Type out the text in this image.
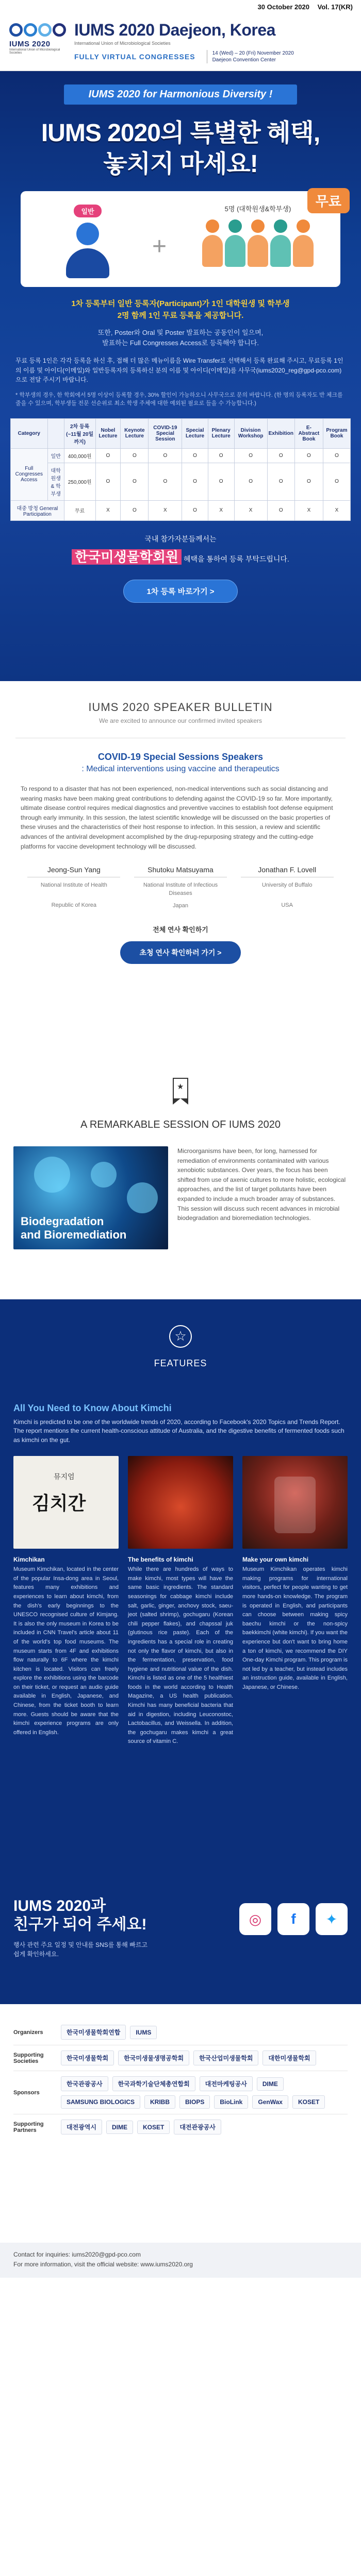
30 October 2020 Vol. 17(KR)
IUMS 2020
International Union of Microbiological Societies
IUMS 2020 Daejeon, Korea
International Union of Microbiological Societies
FULLY VIRTUAL CONGRESSES	14 (Wed) – 20 (Fri) November 2020
Daejeon Convention Center
IUMS 2020 for Harmonious Diversity !
IUMS 2020의 특별한 혜택,
놓치지 마세요!
일반
+
5명 (대학원생&학부생)	무료
1차 등록부터 일반 등록자(Participant)가 1인 대학원생 및 학부생
2명 함께 1인 무료 등록을 제공합니다.
또한, Poster와 Oral 및 Poster 발표하는 공동인이 일으며,
발표하는 Full Congresses Access로 등록해야 합니다.
무료 등록 1인은 각각 등록을 하신 후, 접해 더 많은 메뉴이름을 Wire Transfer로 선택해서 등록 완료해 주시고, 무료등록 1인의 이름 및 아이디(이메일)와 일반등록자의 등록하신 분의 이름 및 아이디(이메일)를 사무국(iums2020_reg@gpd-pco.com)으로 전달 주시기 바랍니다.
* 학부생의 경우, 한 학회에서 5명 이상이 등록할 경우, 30% 할인이 가능하오니 사무국으로 문의 바랍니다. (한 명의 등록자도 반 체크를 줄을 수 있으며, 학부생들 전문 선순위로 최소 학생 주체에 대한 예외된 필요로 들을 수 가능합니다.)
Category		2차 등록 (~11월 20일까지)	Nobel Lecture	Keynote Lecture	COVID-19 Special Session	Special Lecture	Plenary Lecture	Division Workshop	Exhibition	E-Abstract Book	Program Book
Full Congresses Access	일반	400,000원	O	O	O	O	O	O	O	O	O
	대학원생 & 학부생	250,000원	O	O	O	O	O	O	O	O	O
대중 방청 General Participation		무료	X	O	X	O	X	X	O	X	X
국내 참가자분들께서는
한국미생물학회원 혜택을 통하여 등록 부탁드립니다.
1차 등록 바로가기 >
IUMS 2020 SPEAKER BULLETIN
We are excited to announce our confirmed invited speakers
COVID-19 Special Sessions Speakers
: Medical interventions using vaccine and therapeutics
To respond to a disaster that has not been experienced, non-medical interventions such as social distancing and wearing masks have been making great contributions to defending against the COVID-19 so far. More importantly, ultimate disease control requires medical diagnostics and preventive vaccines to establish foot defense equipment through early immunity. In this session, the latest scientific knowledge will be discussed on the basic properties of these viruses and the characteristics of their host response to infection. In this session, a review and scientific advances of the antiviral development accomplished by the drug-repurposing strategy and the cutting-edge platforms for vaccine development technology will be discussed.
Jeong-Sun Yang
National Institute of Health
Republic of Korea
Shutoku Matsuyama
National Institute of Infectious Diseases
Japan
Jonathan F. Lovell
University of Buffalo
USA
전체 연사 확인하기
초청 연사 확인하러 가기 >
★
A REMARKABLE SESSION OF IUMS 2020
Biodegradation
and Bioremediation
Microorganisms have been, for long, harnessed for remediation of environments contaminated with various xenobiotic substances. Over years, the focus has been shifted from use of axenic cultures to more holistic, ecological approaches, and the list of target pollutants have been expanded to include a much broader array of substances. This session will discuss such recent advances in microbial biodegradation and bioremediation technologies.
☆
FEATURES
All You Need to Know About Kimchi
Kimchi is predicted to be one of the worldwide trends of 2020, according to Facebook's 2020 Topics and Trends Report. The report mentions the current health-conscious attitude of Australia, and the digestive benefits of fermented foods such as kimchi on the gut.
뮤지엄
김치간
Kimchikan
Museum Kimchikan, located in the center of the popular Insa-dong area in Seoul, features many exhibitions and experiences to learn about kimchi, from the dish's early beginnings to the UNESCO recognised culture of Kimjang. It is also the only museum in Korea to be included in CNN Travel's article about 11 of the world's top food museums. The museum starts from 4F and exhibitions flow naturally to 6F where the kimchi kitchen is located. Visitors can freely explore the exhibitions using the barcode on their ticket, or request an audio guide available in English, Japanese, and Chinese, from the ticket booth to learn more. Guests should be aware that the kimchi experience programs are only offered in English.
The benefits of kimchi
While there are hundreds of ways to make kimchi, most types will have the same basic ingredients. The standard seasonings for cabbage kimchi include salt, garlic, ginger, anchovy stock, saeu-jeot (salted shrimp), gochugaru (Korean chili pepper flakes), and chapssal juk (glutinous rice paste). Each of the ingredients has a special role in creating not only the flavor of kimchi, but also in the fermentation, preservation, food hygiene and nutritional value of the dish. Kimchi is listed as one of the 5 healthiest foods in the world according to Health Magazine, a US health publication. Kimchi has many beneficial bacteria that aid in digestion, including Leuconostoc, Lactobacillus, and Weissella. In addition, the gochugaru makes kimchi a great source of vitamin C.
Make your own kimchi
Museum Kimchikan operates kimchi making programs for international visitors, perfect for people wanting to get more hands-on knowledge. The program is operated in English, and participants can choose between making spicy baechu kimchi or the non-spicy baekkimchi (white kimchi). If you want the experience but don't want to bring home a ton of kimchi, we recommend the DIY One-day Kimchi program. This program is not led by a teacher, but instead includes an instruction guide, available in English, Japanese, or Chinese.
IUMS 2020과
친구가 되어 주세요!
행사 관련 주요 일정 및 안내를 SNS를 통해 빠르고
쉽게 확인하세요.
◎	f	✦
Organizers	한국미생물학회연합	IUMS
Supporting Societies	한국미생물학회	한국미생물생명공학회	한국산업미생물학회	대한미생물학회
Sponsors
한국관광공사	한국과학기술단체총연합회	대전마케팅공사	DIME
SAMSUNG BIOLOGICS	KRIBB	BIOPS	BioLink	GenWax	KOSET
Supporting Partners	대전광역시	DIME	KOSET	대전관광공사
Contact for inquiries: iums2020@gpd-pco.com
For more information, visit the official website: www.iums2020.org
